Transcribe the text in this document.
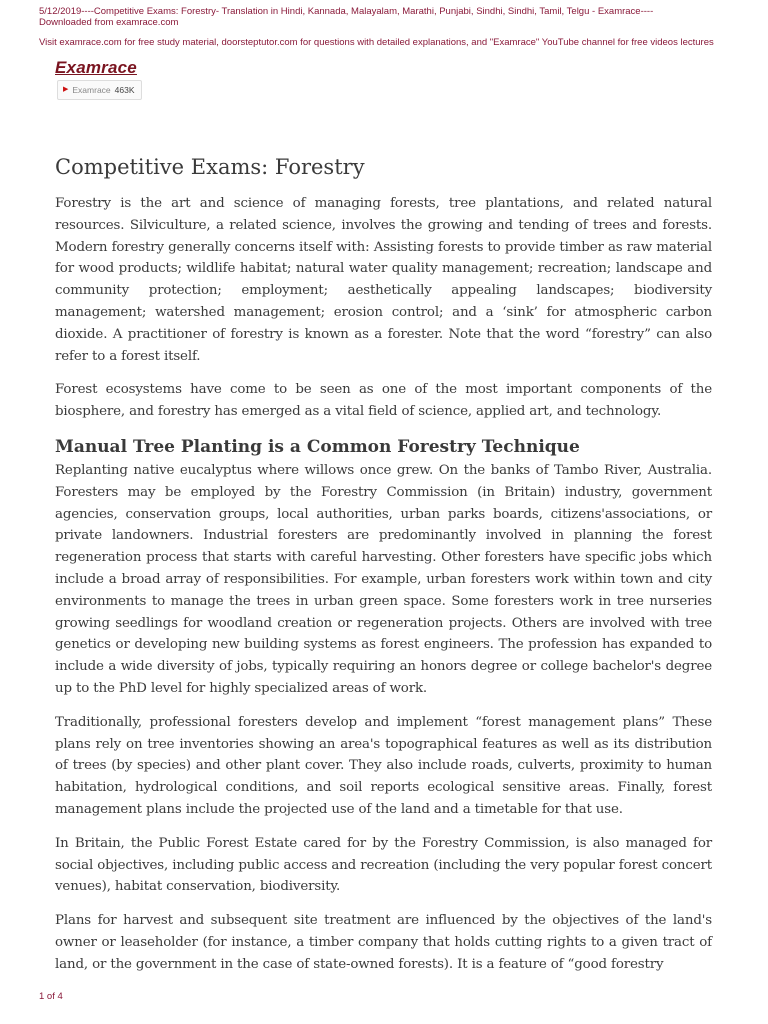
5/12/2019----Competitive Exams: Forestry- Translation in Hindi, Kannada, Malayalam, Marathi, Punjabi, Sindhi, Sindhi, Tamil, Telgu - Examrace----
Downloaded from examrace.com
Visit examrace.com for free study material, doorsteptutor.com for questions with detailed explanations, and "Examrace" YouTube channel for free videos lectures
Examrace
▶ Examrace 463K
Competitive Exams: Forestry

Forestry is the art and science of managing forests, tree plantations, and related natural resources. Silviculture, a related science, involves the growing and tending of trees and forests. Modern forestry generally concerns itself with: Assisting forests to provide timber as raw material for wood products; wildlife habitat; natural water quality management; recreation; landscape and community protection; employment; aesthetically appealing landscapes; biodiversity management; watershed management; erosion control; and a ‘sink’ for atmospheric carbon dioxide. A practitioner of forestry is known as a forester. Note that the word “forestry” can also refer to a forest itself.

Forest ecosystems have come to be seen as one of the most important components of the biosphere, and forestry has emerged as a vital field of science, applied art, and technology.

Manual Tree Planting is a Common Forestry Technique

Replanting native eucalyptus where willows once grew. On the banks of Tambo River, Australia. Foresters may be employed by the Forestry Commission (in Britain) industry, government agencies, conservation groups, local authorities, urban parks boards, citizens'associations, or private landowners. Industrial foresters are predominantly involved in planning the forest regeneration process that starts with careful harvesting. Other foresters have specific jobs which include a broad array of responsibilities. For example, urban foresters work within town and city environments to manage the trees in urban green space. Some foresters work in tree nurseries growing seedlings for woodland creation or regeneration projects. Others are involved with tree genetics or developing new building systems as forest engineers. The profession has expanded to include a wide diversity of jobs, typically requiring an honors degree or college bachelor's degree up to the PhD level for highly specialized areas of work.

Traditionally, professional foresters develop and implement “forest management plans” These plans rely on tree inventories showing an area's topographical features as well as its distribution of trees (by species) and other plant cover. They also include roads, culverts, proximity to human habitation, hydrological conditions, and soil reports ecological sensitive areas. Finally, forest management plans include the projected use of the land and a timetable for that use.

In Britain, the Public Forest Estate cared for by the Forestry Commission, is also managed for social objectives, including public access and recreation (including the very popular forest concert venues), habitat conservation, biodiversity.

Plans for harvest and subsequent site treatment are influenced by the objectives of the land's owner or leaseholder (for instance, a timber company that holds cutting rights to a given tract of land, or the government in the case of state-owned forests). It is a feature of “good forestry

1 of 4
